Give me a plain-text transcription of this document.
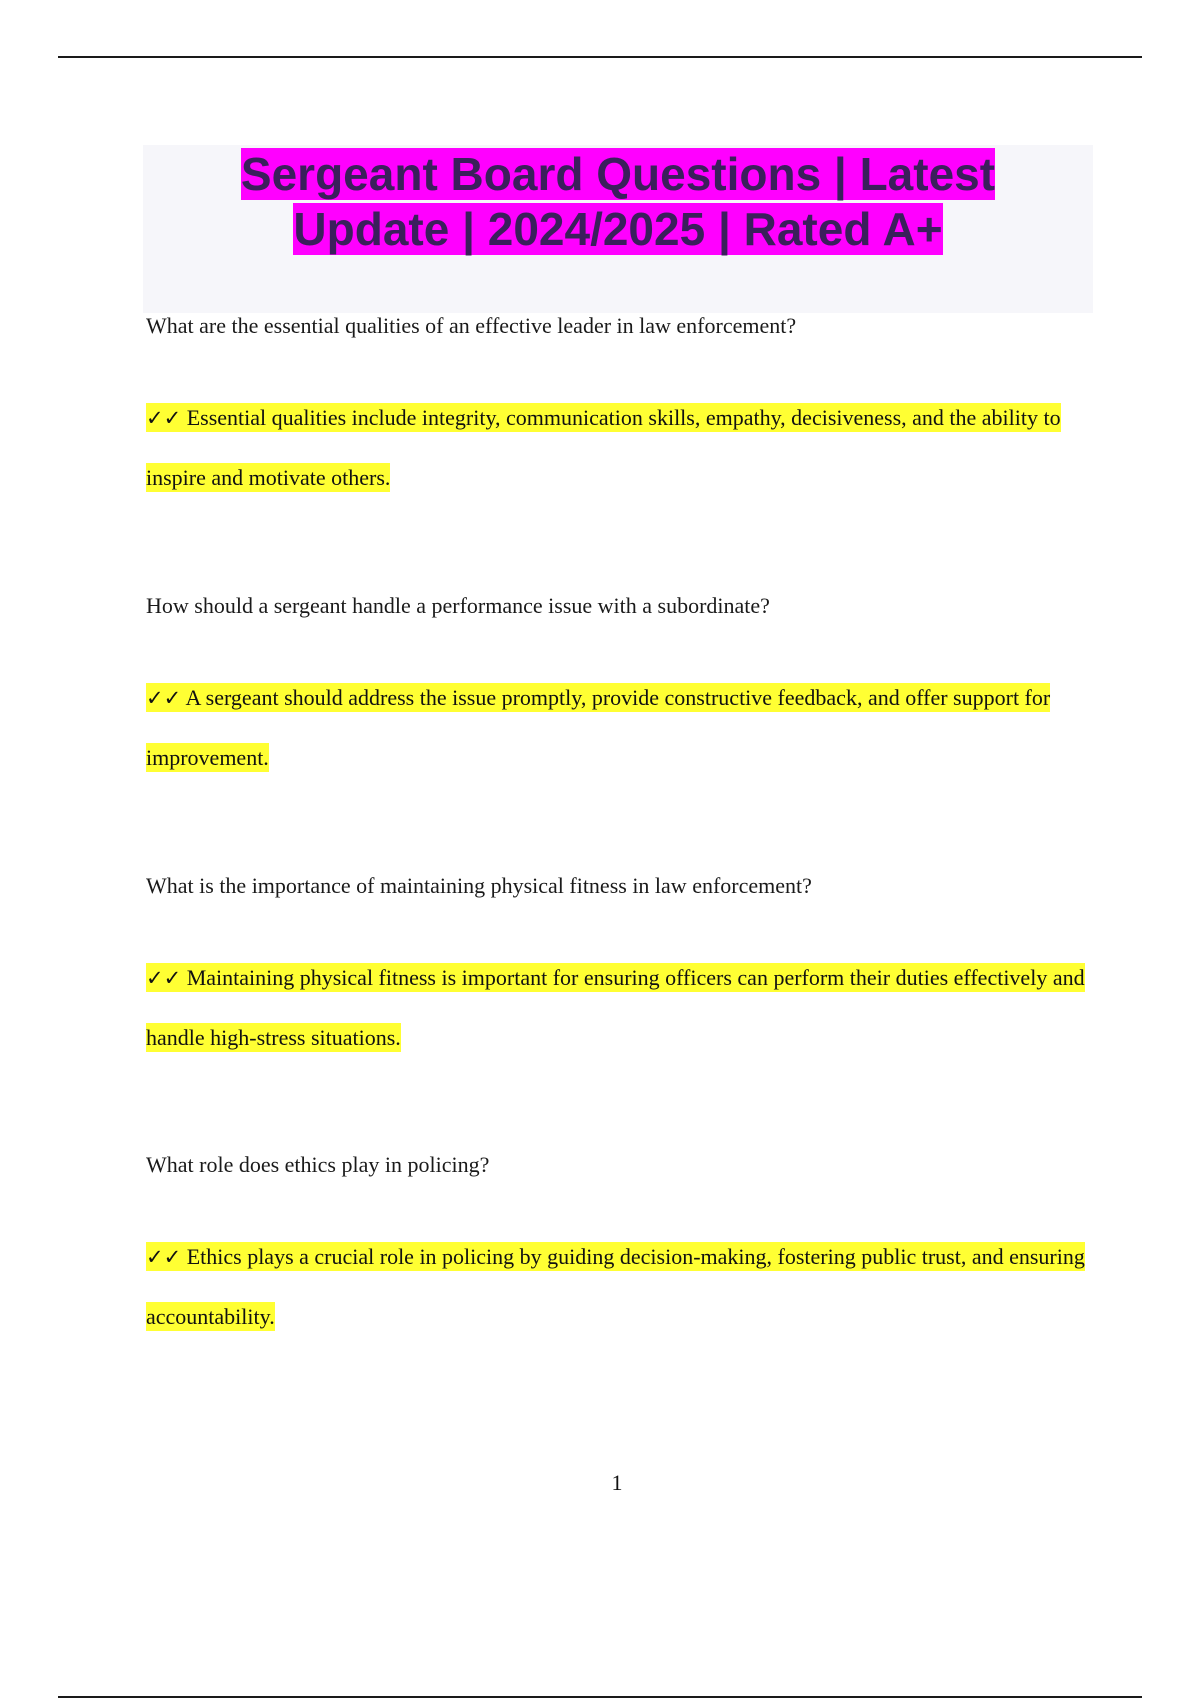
Sergeant Board Questions | Latest
Update | 2024/2025 | Rated A+

What are the essential qualities of an effective leader in law enforcement?

✓✓ Essential qualities include integrity, communication skills, empathy, decisiveness, and the ability to inspire and motivate others.

How should a sergeant handle a performance issue with a subordinate?

✓✓ A sergeant should address the issue promptly, provide constructive feedback, and offer support for improvement.

What is the importance of maintaining physical fitness in law enforcement?

✓✓ Maintaining physical fitness is important for ensuring officers can perform their duties effectively and handle high-stress situations.

What role does ethics play in policing?

✓✓ Ethics plays a crucial role in policing by guiding decision-making, fostering public trust, and ensuring accountability.

1
